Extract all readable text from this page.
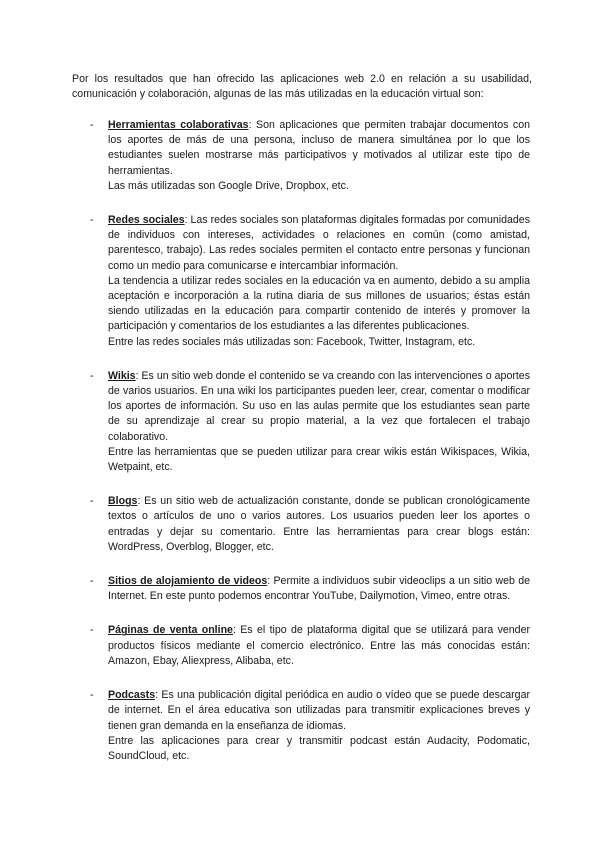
Por los resultados que han ofrecido las aplicaciones web 2.0 en relación a su usabilidad, comunicación y colaboración, algunas de las más utilizadas en la educación virtual son:

- Herramientas colaborativas: Son aplicaciones que permiten trabajar documentos con los aportes de más de una persona, incluso de manera simultánea por lo que los estudiantes suelen mostrarse más participativos y motivados al utilizar este tipo de herramientas.

Las más utilizadas son Google Drive, Dropbox, etc.

- Redes sociales: Las redes sociales son plataformas digitales formadas por comunidades de individuos con intereses, actividades o relaciones en común (como amistad, parentesco, trabajo). Las redes sociales permiten el contacto entre personas y funcionan como un medio para comunicarse e intercambiar información.

La tendencia a utilizar redes sociales en la educación va en aumento, debido a su amplia aceptación e incorporación a la rutina diaria de sus millones de usuarios; éstas están siendo utilizadas en la educación para compartir contenido de interés y promover la participación y comentarios de los estudiantes a las diferentes publicaciones.

Entre las redes sociales más utilizadas son: Facebook, Twitter, Instagram, etc.

- Wikis: Es un sitio web donde el contenido se va creando con las intervenciones o aportes de varios usuarios. En una wiki los participantes pueden leer, crear, comentar o modificar los aportes de información. Su uso en las aulas permite que los estudiantes sean parte de su aprendizaje al crear su propio material, a la vez que fortalecen el trabajo colaborativo.

Entre las herramientas que se pueden utilizar para crear wikis están Wikispaces, Wikia, Wetpaint, etc.

- Blogs: Es un sitio web de actualización constante, donde se publican cronológicamente textos o artículos de uno o varios autores. Los usuarios pueden leer los aportes o entradas y dejar su comentario. Entre las herramientas para crear blogs están: WordPress, Overblog, Blogger, etc.

- Sitios de alojamiento de videos: Permite a individuos subir videoclips a un sitio web de Internet. En este punto podemos encontrar YouTube, Dailymotion, Vimeo, entre otras.

- Páginas de venta online: Es el tipo de plataforma digital que se utilizará para vender productos físicos mediante el comercio electrónico. Entre las más conocidas están: Amazon, Ebay, Aliexpress, Alibaba, etc.

- Podcasts: Es una publicación digital periódica en audio o vídeo que se puede descargar de internet. En el área educativa son utilizadas para transmitir explicaciones breves y tienen gran demanda en la enseñanza de idiomas.

Entre las aplicaciones para crear y transmitir podcast están Audacity, Podomatic, SoundCloud, etc.
